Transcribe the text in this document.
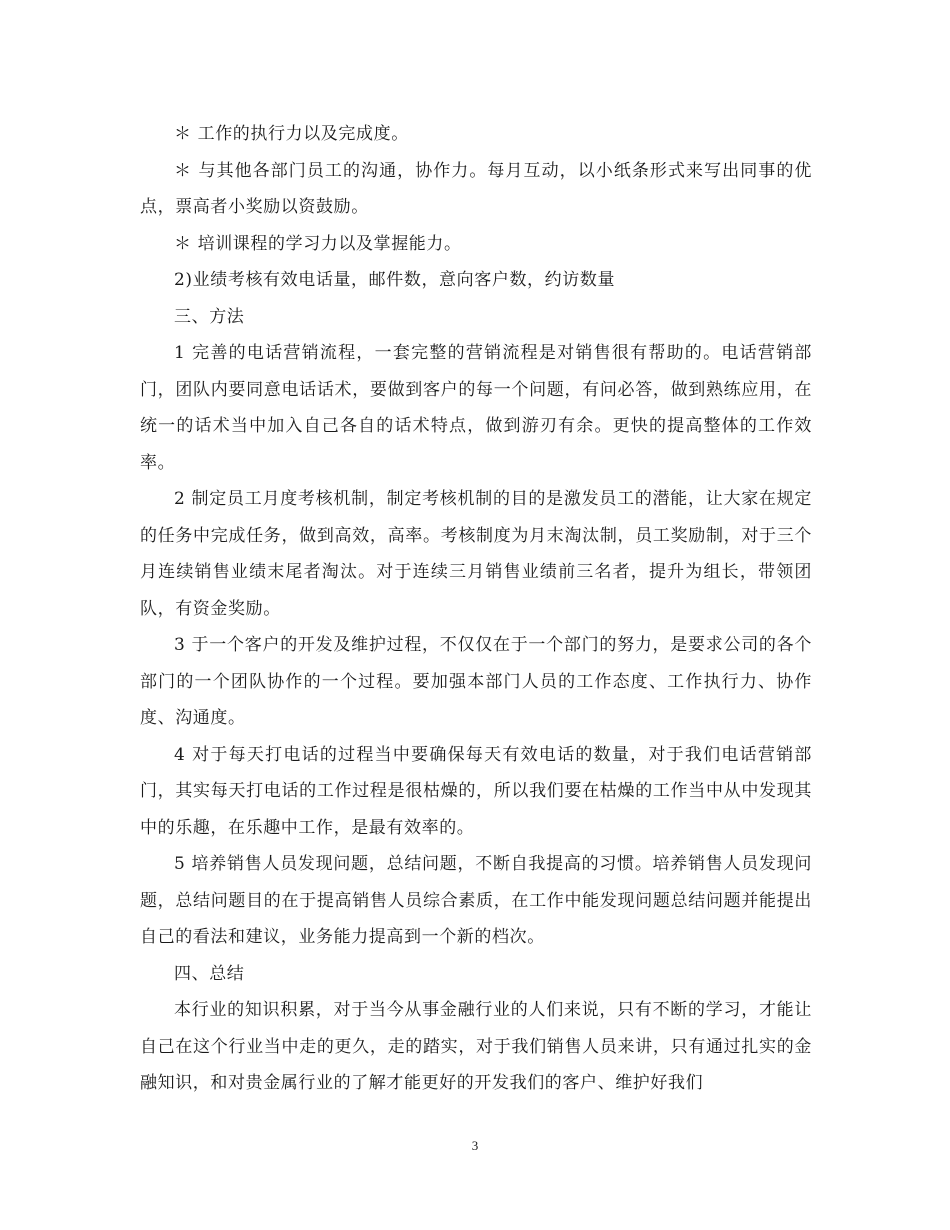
＊ 工作的执行力以及完成度。

＊ 与其他各部门员工的沟通，协作力。每月互动，以小纸条形式来写出同事的优点，票高者小奖励以资鼓励。

＊ 培训课程的学习力以及掌握能力。

2)业绩考核有效电话量，邮件数，意向客户数，约访数量

三、方法

1 完善的电话营销流程，一套完整的营销流程是对销售很有帮助的。电话营销部门，团队内要同意电话话术，要做到客户的每一个问题，有问必答，做到熟练应用，在统一的话术当中加入自己各自的话术特点，做到游刃有余。更快的提高整体的工作效率。

2 制定员工月度考核机制，制定考核机制的目的是激发员工的潜能，让大家在规定的任务中完成任务，做到高效，高率。考核制度为月末淘汰制，员工奖励制，对于三个月连续销售业绩末尾者淘汰。对于连续三月销售业绩前三名者，提升为组长，带领团队，有资金奖励。

3 于一个客户的开发及维护过程，不仅仅在于一个部门的努力，是要求公司的各个部门的一个团队协作的一个过程。要加强本部门人员的工作态度、工作执行力、协作度、沟通度。

4 对于每天打电话的过程当中要确保每天有效电话的数量，对于我们电话营销部门，其实每天打电话的工作过程是很枯燥的，所以我们要在枯燥的工作当中从中发现其中的乐趣，在乐趣中工作，是最有效率的。

5 培养销售人员发现问题，总结问题，不断自我提高的习惯。培养销售人员发现问题，总结问题目的在于提高销售人员综合素质，在工作中能发现问题总结问题并能提出自己的看法和建议，业务能力提高到一个新的档次。

四、总结

本行业的知识积累，对于当今从事金融行业的人们来说，只有不断的学习，才能让自己在这个行业当中走的更久，走的踏实，对于我们销售人员来讲，只有通过扎实的金融知识，和对贵金属行业的了解才能更好的开发我们的客户、维护好我们

3
